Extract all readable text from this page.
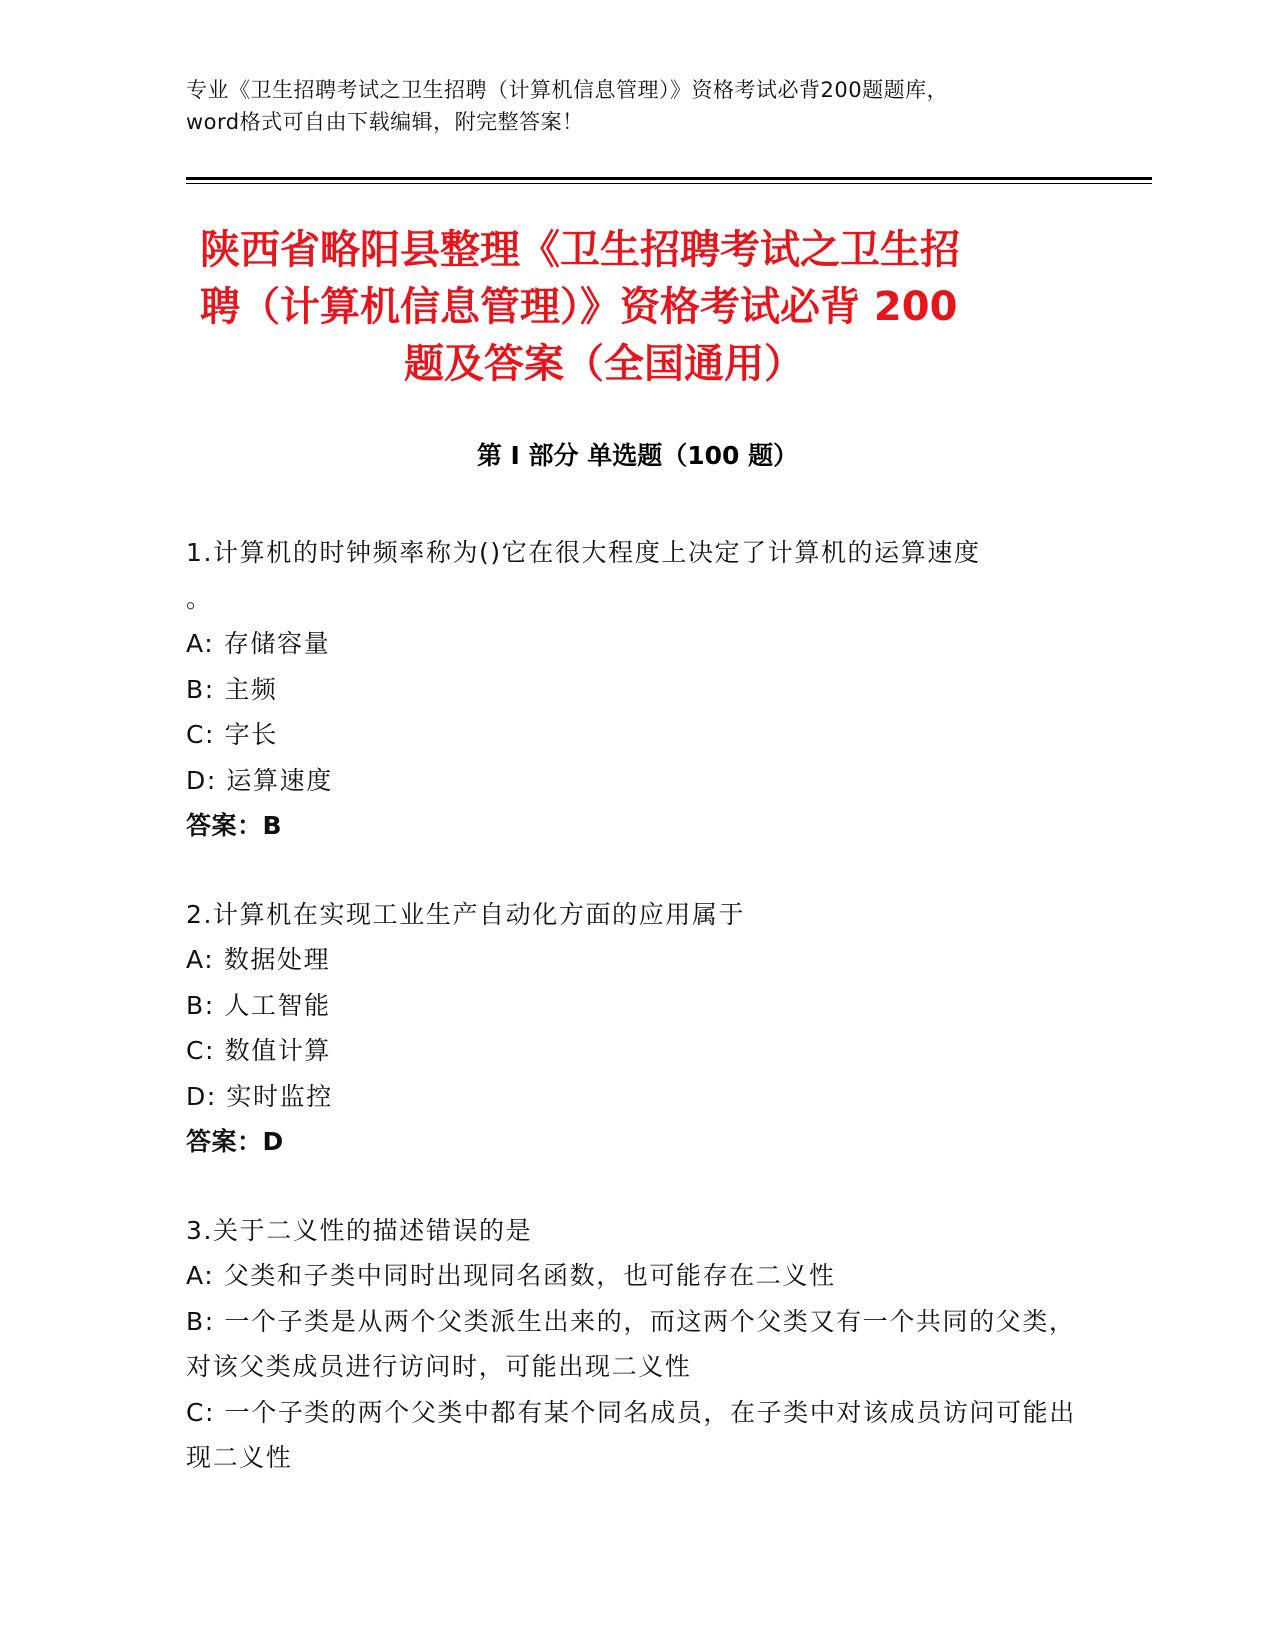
专业《卫生招聘考试之卫生招聘（计算机信息管理）》资格考试必背200题题库，
word格式可自由下载编辑，附完整答案！
陕西省略阳县整理《卫生招聘考试之卫生招
聘（计算机信息管理）》资格考试必背 200
题及答案（全国通用）
第 I 部分 单选题（100 题）
1.计算机的时钟频率称为()它在很大程度上决定了计算机的运算速度
。
A: 存储容量
B: 主频
C: 字长
D: 运算速度
答案：B
2.计算机在实现工业生产自动化方面的应用属于
A: 数据处理
B: 人工智能
C: 数值计算
D: 实时监控
答案：D
3.关于二义性的描述错误的是
A: 父类和子类中同时出现同名函数，也可能存在二义性
B: 一个子类是从两个父类派生出来的，而这两个父类又有一个共同的父类，对该父类成员进行访问时，可能出现二义性
C: 一个子类的两个父类中都有某个同名成员，在子类中对该成员访问可能出现二义性
